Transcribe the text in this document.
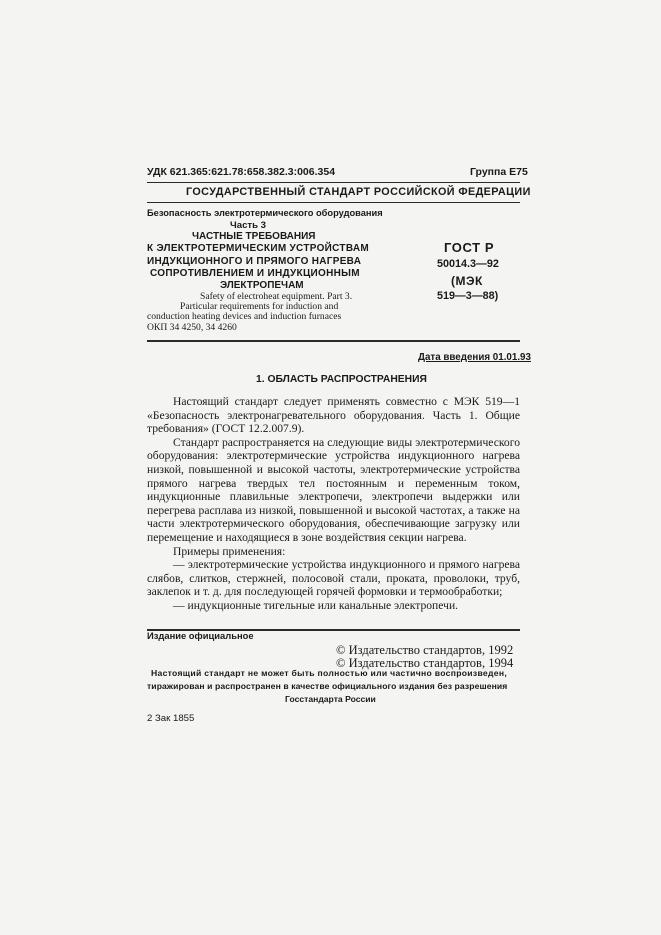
УДК 621.365:621.78:658.382.3:006.354	Группа Е75
ГОСУДАРСТВЕННЫЙ СТАНДАРТ РОССИЙСКОЙ ФЕДЕРАЦИИ
Безопасность электротермического оборудования
Часть 3
ЧАСТНЫЕ ТРЕБОВАНИЯ
К ЭЛЕКТРОТЕРМИЧЕСКИМ УСТРОЙСТВАМ
ИНДУКЦИОННОГО И ПРЯМОГО НАГРЕВА
СОПРОТИВЛЕНИЕМ И ИНДУКЦИОННЫМ
ЭЛЕКТРОПЕЧАМ
Safety of electroheat equipment. Part 3.
Particular requirements for induction and
conduction heating devices and induction furnaces
ОКП 34 4250, 34 4260
ГОСТ Р
50014.3—92
(МЭК
519—3—88)
Дата введения 01.01.93
1. ОБЛАСТЬ РАСПРОСТРАНЕНИЯ

Настоящий стандарт следует применять совместно с МЭК 519—1 «Безопасность электронагревательного оборудования. Часть 1. Общие требования» (ГОСТ 12.2.007.9).

Стандарт распространяется на следующие виды электротермического оборудования: электротермические устройства индукционного нагрева низкой, повышенной и высокой частоты, электротермические устройства прямого нагрева твердых тел постоянным и переменным током, индукционные плавильные электропечи, электропечи выдержки или перегрева расплава из низкой, повышенной и высокой частотах, а также на части электротермического оборудования, обеспечивающие загрузку или перемещение и находящиеся в зоне воздействия секции нагрева.

Примеры применения:

— электротермические устройства индукционного и прямого нагрева слябов, слитков, стержней, полосовой стали, проката, проволоки, труб, заклепок и т. д. для последующей горячей формовки и термообработки;

— индукционные тигельные или канальные электропечи.

Издание официальное
© Издательство стандартов, 1992
© Издательство стандартов, 1994
Настоящий стандарт не может быть полностью или частично воспроизведен,
тиражирован и распространен в качестве официального издания без разрешения
Госстандарта России
2 Зак 1855
